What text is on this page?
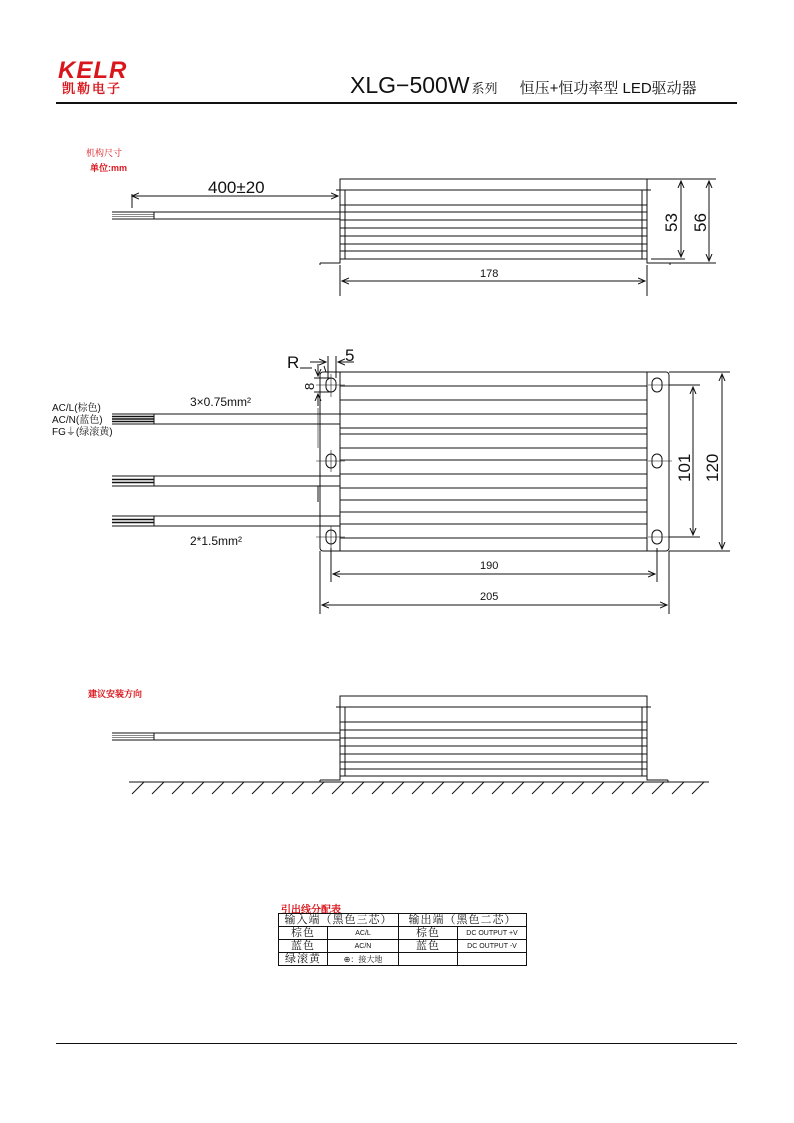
KELR
凯勒电子	XLG−500W 系列 恒压+恒功率型 LED驱动器
机构尺寸
单位:mm
400±20
178
53 56
R	5
8
3×0.75mm²
2*1.5mm²
AC/L(棕色)
AC/N(蓝色)
FG⏚(绿滚黄)
190
205
101 120
建议安装方向
引出线分配表
输入端（黑色三芯）		输出端（黑色二芯）	
棕色	AC/L	棕色	DC OUTPUT +V
蓝色	AC/N	蓝色	DC OUTPUT -V
绿滚黄	⊕：接大地		
